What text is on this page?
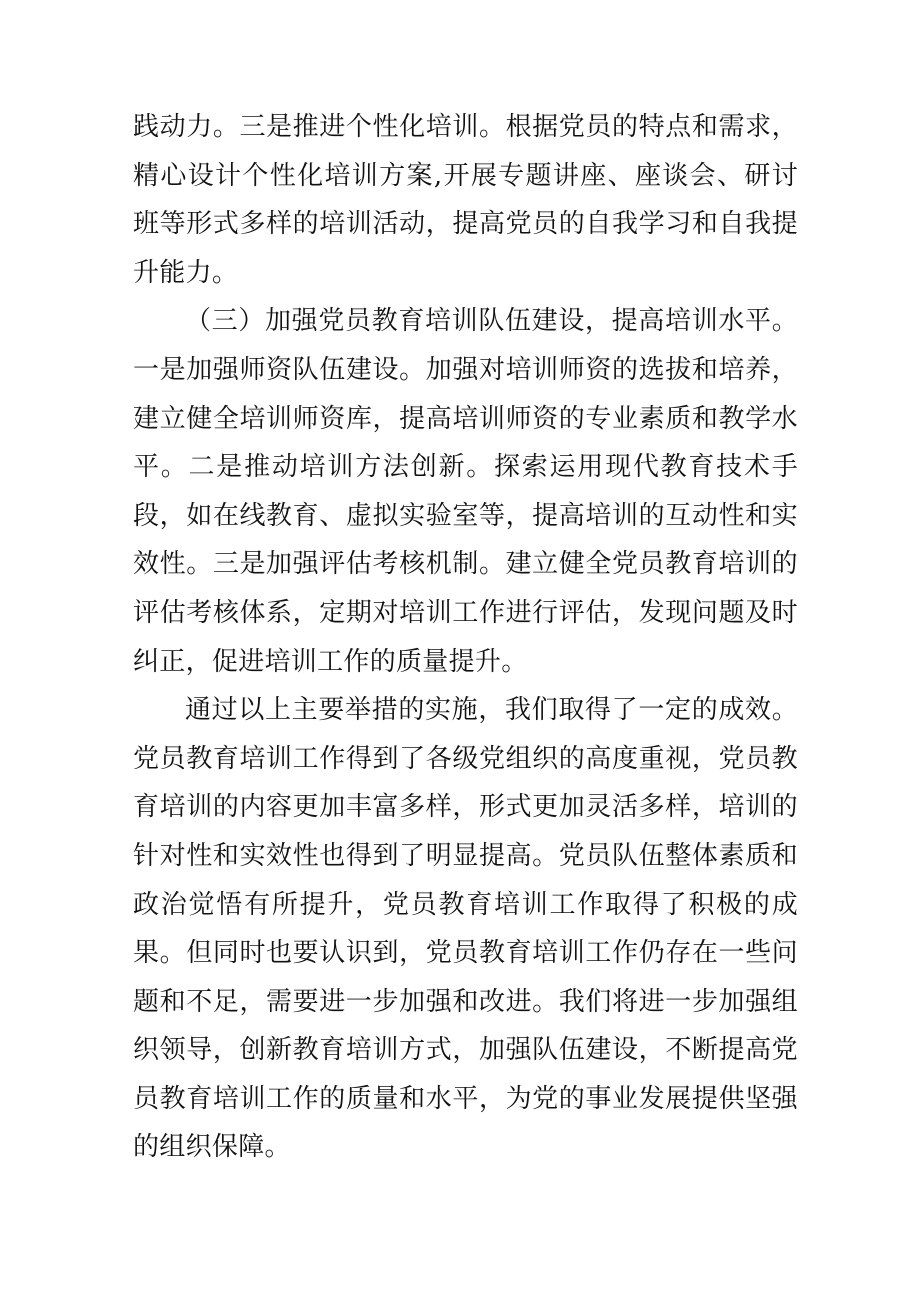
践动力。三是推进个性化培训。根据党员的特点和需求，精心设计个性化培训方案,开展专题讲座、座谈会、研讨班等形式多样的培训活动，提高党员的自我学习和自我提升能力。

（三）加强党员教育培训队伍建设，提高培训水平。一是加强师资队伍建设。加强对培训师资的选拔和培养，建立健全培训师资库，提高培训师资的专业素质和教学水平。二是推动培训方法创新。探索运用现代教育技术手段，如在线教育、虚拟实验室等，提高培训的互动性和实效性。三是加强评估考核机制。建立健全党员教育培训的评估考核体系，定期对培训工作进行评估，发现问题及时纠正，促进培训工作的质量提升。

通过以上主要举措的实施，我们取得了一定的成效。党员教育培训工作得到了各级党组织的高度重视，党员教育培训的内容更加丰富多样，形式更加灵活多样，培训的针对性和实效性也得到了明显提高。党员队伍整体素质和政治觉悟有所提升，党员教育培训工作取得了积极的成果。但同时也要认识到，党员教育培训工作仍存在一些问题和不足，需要进一步加强和改进。我们将进一步加强组织领导，创新教育培训方式，加强队伍建设，不断提高党员教育培训工作的质量和水平，为党的事业发展提供坚强的组织保障。
